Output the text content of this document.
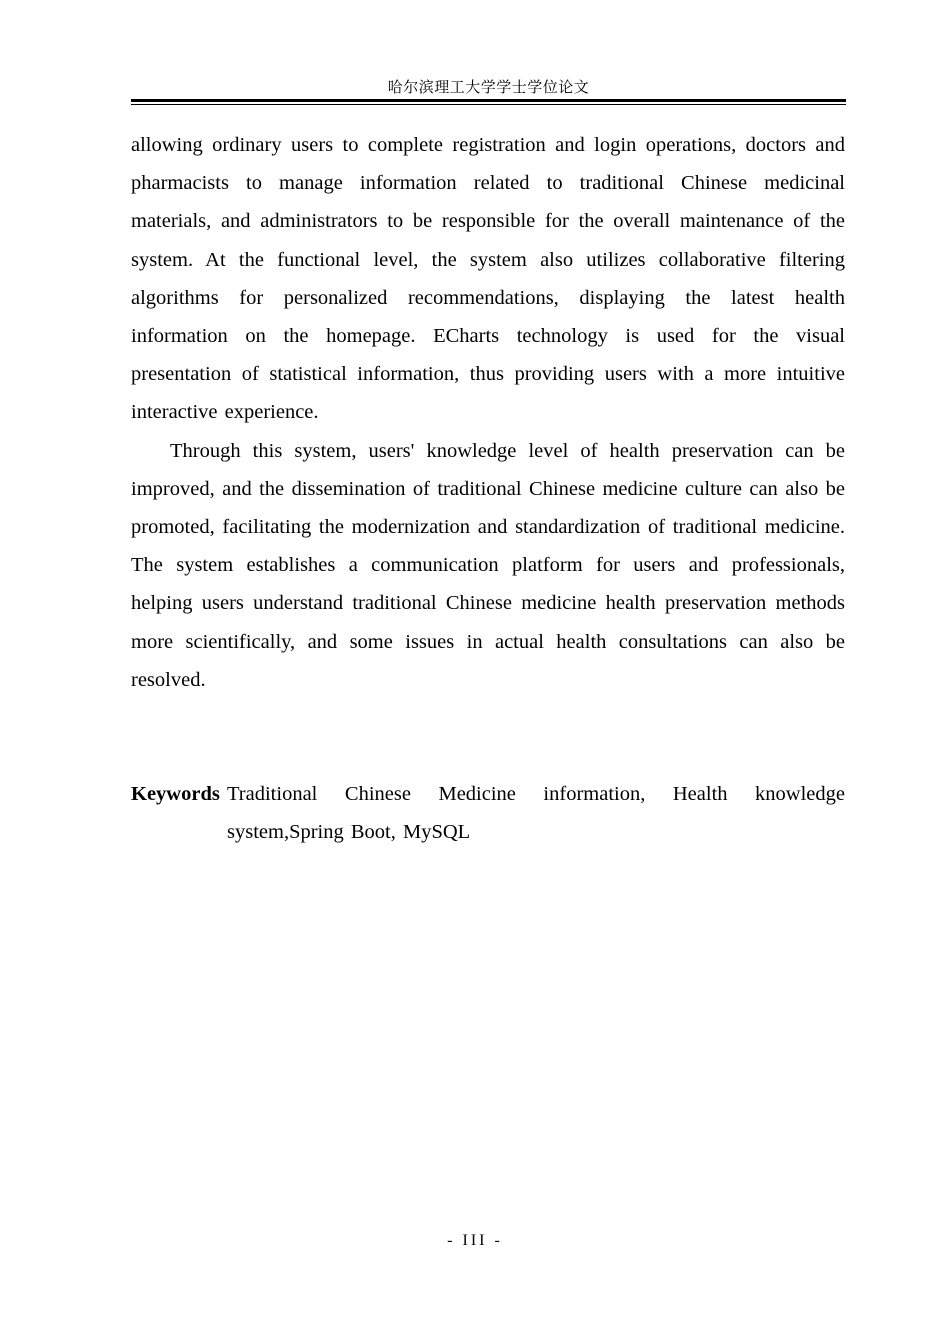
哈尔滨理工大学学士学位论文

allowing ordinary users to complete registration and login operations, doctors and pharmacists to manage information related to traditional Chinese medicinal materials, and administrators to be responsible for the overall maintenance of the system. At the functional level, the system also utilizes collaborative filtering algorithms for personalized recommendations, displaying the latest health information on the homepage. ECharts technology is used for the visual presentation of statistical information, thus providing users with a more intuitive interactive experience.

Through this system, users' knowledge level of health preservation can be improved, and the dissemination of traditional Chinese medicine culture can also be promoted, facilitating the modernization and standardization of traditional medicine. The system establishes a communication platform for users and professionals, helping users understand traditional Chinese medicine health preservation methods more scientifically, and some issues in actual health consultations can also be resolved.

Keywords Traditional Chinese Medicine information, Health knowledge system,Spring Boot, MySQL
- III -
